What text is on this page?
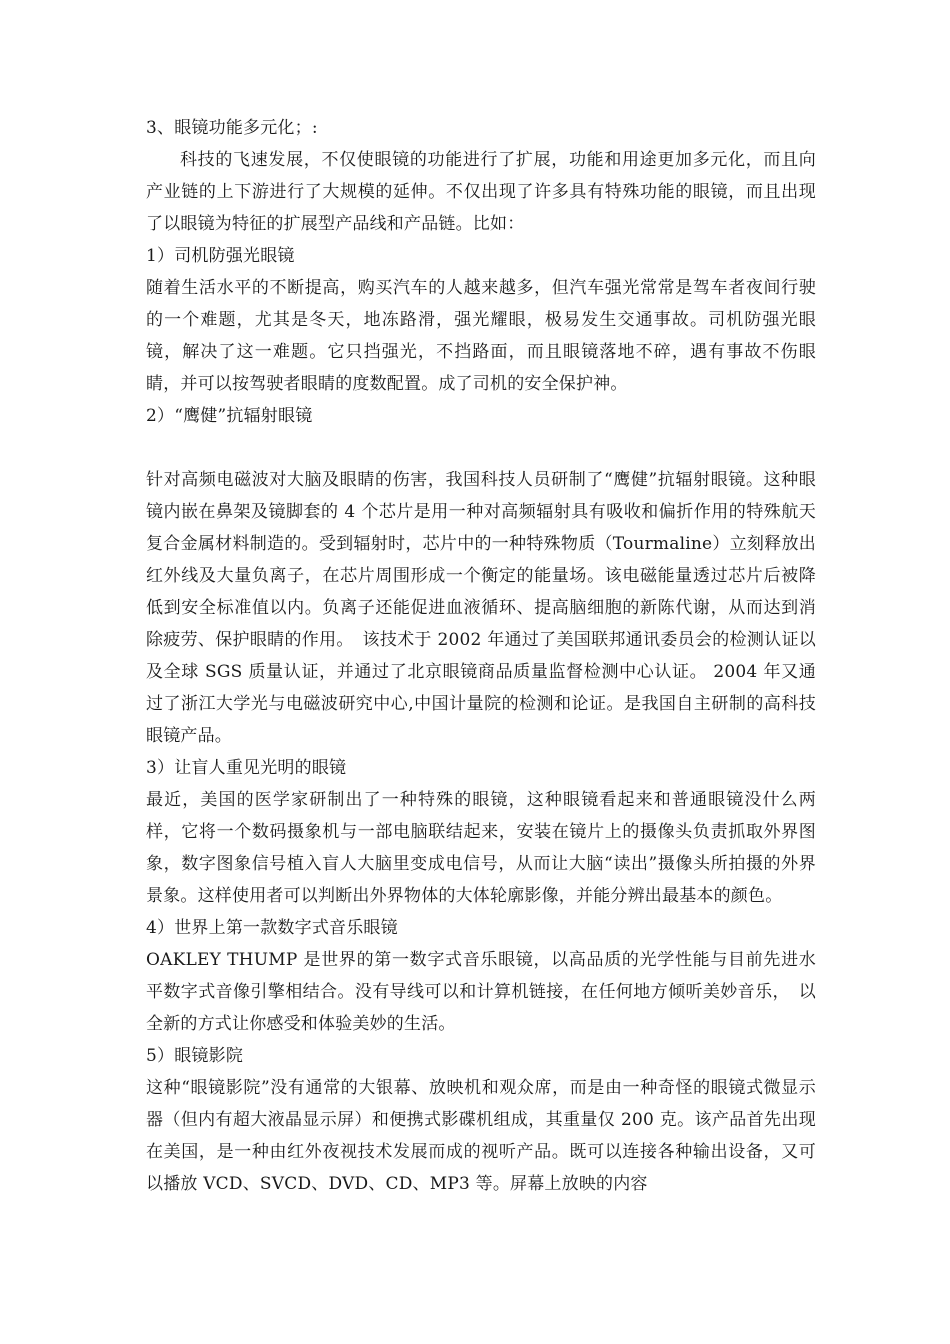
3、眼镜功能多元化；:

科技的飞速发展，不仅使眼镜的功能进行了扩展，功能和用途更加多元化，而且向产业链的上下游进行了大规模的延伸。不仅出现了许多具有特殊功能的眼镜，而且出现了以眼镜为特征的扩展型产品线和产品链。比如：

1）司机防强光眼镜

随着生活水平的不断提高，购买汽车的人越来越多，但汽车强光常常是驾车者夜间行驶的一个难题，尤其是冬天，地冻路滑，强光耀眼，极易发生交通事故。司机防强光眼镜，解决了这一难题。它只挡强光，不挡路面，而且眼镜落地不碎，遇有事故不伤眼睛，并可以按驾驶者眼睛的度数配置。成了司机的安全保护神。

2）“鹰健”抗辐射眼镜

针对高频电磁波对大脑及眼睛的伤害，我国科技人员研制了“鹰健”抗辐射眼镜。这种眼镜内嵌在鼻架及镜脚套的 4 个芯片是用一种对高频辐射具有吸收和偏折作用的特殊航天复合金属材料制造的。受到辐射时，芯片中的一种特殊物质（Tourmaline）立刻释放出红外线及大量负离子，在芯片周围形成一个衡定的能量场。该电磁能量透过芯片后被降低到安全标准值以内。负离子还能促进血液循环、提高脑细胞的新陈代谢，从而达到消除疲劳、保护眼睛的作用。　该技术于 2002 年通过了美国联邦通讯委员会的检测认证以及全球 SGS 质量认证，并通过了北京眼镜商品质量监督检测中心认证。 2004 年又通过了浙江大学光与电磁波研究中心,中国计量院的检测和论证。是我国自主研制的高科技眼镜产品。

3）让盲人重见光明的眼镜

最近，美国的医学家研制出了一种特殊的眼镜，这种眼镜看起来和普通眼镜没什么两样，它将一个数码摄象机与一部电脑联结起来，安装在镜片上的摄像头负责抓取外界图象，数字图象信号植入盲人大脑里变成电信号，从而让大脑“读出”摄像头所拍摄的外界景象。这样使用者可以判断出外界物体的大体轮廓影像，并能分辨出最基本的颜色。

4）世界上第一款数字式音乐眼镜

OAKLEY THUMP 是世界的第一数字式音乐眼镜，以高品质的光学性能与目前先进水平数字式音像引擎相结合。没有导线可以和计算机链接，在任何地方倾听美妙音乐，　以全新的方式让你感受和体验美妙的生活。

5）眼镜影院

这种“眼镜影院”没有通常的大银幕、放映机和观众席，而是由一种奇怪的眼镜式微显示器（但内有超大液晶显示屏）和便携式影碟机组成，其重量仅 200 克。该产品首先出现在美国，是一种由红外夜视技术发展而成的视听产品。既可以连接各种输出设备，又可以播放 VCD、SVCD、DVD、CD、MP3 等。屏幕上放映的内容
